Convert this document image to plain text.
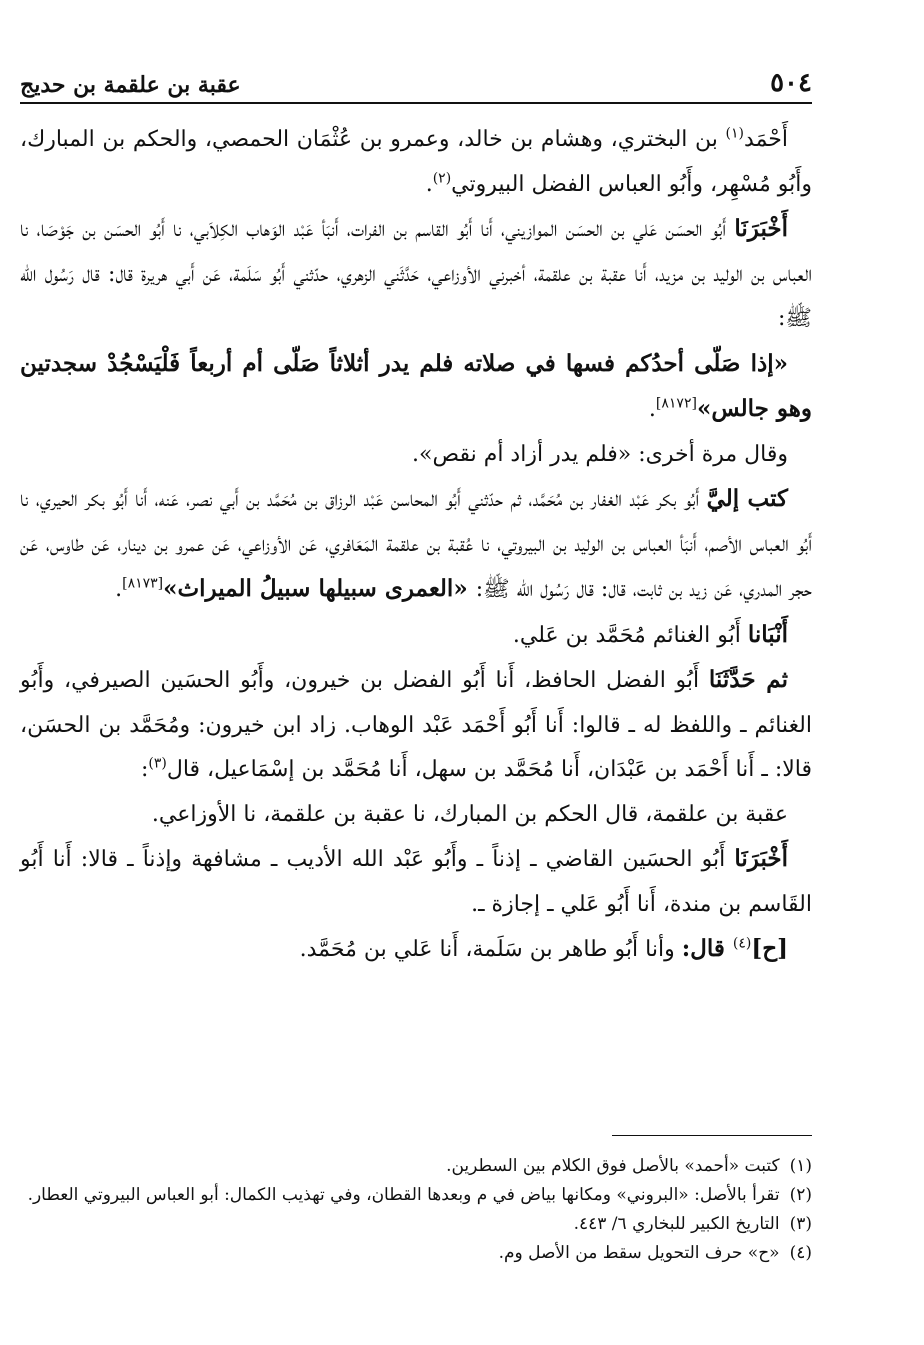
٥٠٤
عقبة بن علقمة بن حديج

أَحْمَد$^{(١)}$ بن البختري، وهشام بن خالد، وعمرو بن عُثْمَان الحمصي، والحكم بن المبارك، وأَبُو مُسْهِر، وأَبُو العباس الفضل البيروتي$^{(٢)}$.

أَخْبَرَنَا أَبُو الحسَن عَلي بن الحسَن الموازيني، أَنا أَبُو القاسم بن الفرات، أَنبَأ عَبْد الوَهاب الكِلاَبي، نا أَبُو الحسَن بن جَوْصَا، نا العباس بن الوليد بن مزيد، أَنا عقبة بن علقمة، أخبرني الأوزاعي، حَدَّثَني الزهري، حدّثني أَبُو سَلَمة، عَن أَبي هريرة قال: قال رَسُول الله ﷺ:

«إذا صَلّى أحدُكم فسها في صلاته فلم يدر أثلاثاً صَلّى أم أربعاً فَلْيَسْجُدْ سجدتين وهو جالس»[٨١٧٢].

وقال مرة أخرى: «فلم يدر أزاد أم نقص».

كتب إليَّ أَبُو بكر عَبْد الغفار بن مُحَمَّد، ثم حدّثني أَبُو المحاسن عَبْد الرزاق بن مُحَمَّد بن أَبي نصر، عَنه، أَنا أَبُو بكر الحيري، نا أَبُو العباس الأصم، أَنبَأ العباس بن الوليد بن البيروتي، نا عُقبة بن علقمة المَعَافري، عَن الأوزاعي، عَن عمرو بن دينار، عَن طاوس، عَن حجر المدري، عَن زيد بن ثابت، قال: قال رَسُول الله ﷺ: «العمرى سبيلها سبيلُ الميراث»[٨١٧٣].

أَنْبَانا أَبُو الغنائم مُحَمَّد بن عَلي.

ثم حَدَّثَنَا أَبُو الفضل الحافظ، أَنا أَبُو الفضل بن خيرون، وأَبُو الحسَين الصيرفي، وأَبُو الغنائم ـ واللفظ له ـ قالوا: أَنا أَبُو أَحْمَد عَبْد الوهاب. زاد ابن خيرون: ومُحَمَّد بن الحسَن، قالا: ـ أَنا أَحْمَد بن عَبْدَان، أَنا مُحَمَّد بن سهل، أَنا مُحَمَّد بن إسْمَاعيل، قال$^{(٣)}$:

عقبة بن علقمة، قال الحكم بن المبارك، نا عقبة بن علقمة، نا الأوزاعي.

أَخْبَرَنَا أَبُو الحسَين القاضي ـ إذناً ـ وأَبُو عَبْد الله الأديب ـ مشافهة وإذناً ـ قالا: أَنا أَبُو القَاسم بن مندة، أَنا أَبُو عَلي ـ إجازة ـ.

[ح]$^{(٤)}$ قال: وأنا أَبُو طاهر بن سَلَمة، أَنا عَلي بن مُحَمَّد.

(١)
كتبت «أحمد» بالأصل فوق الكلام بين السطرين.

(٢)
تقرأ بالأصل: «البروني» ومكانها بياض في م وبعدها القطان، وفي تهذيب الكمال: أبو العباس البيروتي العطار.

(٣)
التاريخ الكبير للبخاري ٦/ ٤٤٣.

(٤)
«ح» حرف التحويل سقط من الأصل وم.
